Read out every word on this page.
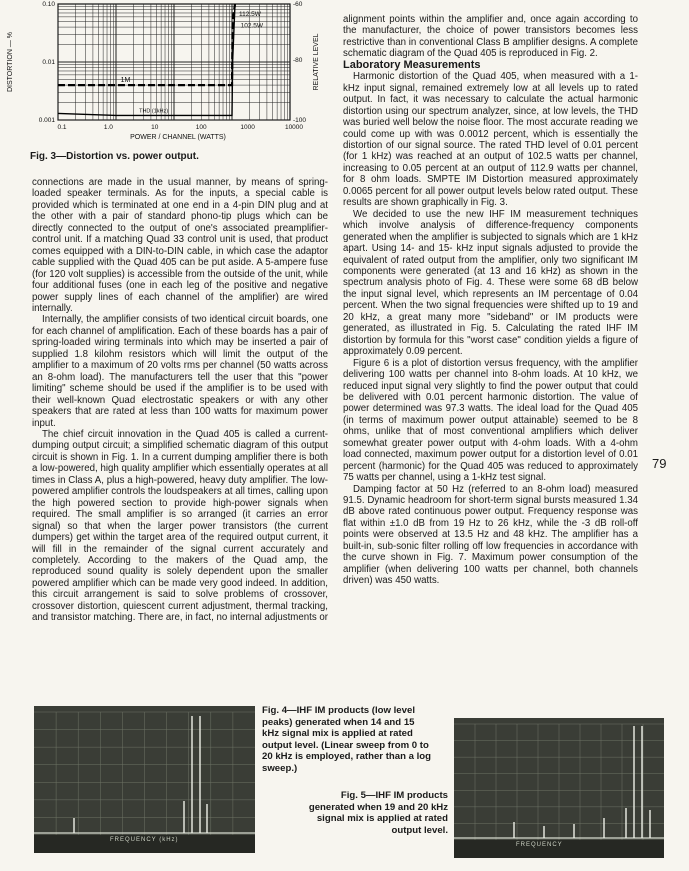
0.1	1.0	10	100	1000	10000
0.10
0.01
0.001
-60
-80
-100
POWER / CHANNEL (WATTS)
DISTORTION — %	RELATIVE LEVEL
112.5W
102.5W
1M
THD (1kHz)
Fig. 3—Distortion vs. power output.

connections are made in the usual manner, by means of spring-loaded speaker terminals. As for the inputs, a special cable is provided which is terminated at one end in a 4-pin DIN plug and at the other with a pair of standard phono-tip plugs which can be directly connected to the output of one's associated preamplifier-control unit. If a matching Quad 33 control unit is used, that product comes equipped with a DIN-to-DIN cable, in which case the adaptor cable supplied with the Quad 405 can be put aside. A 5-ampere fuse (for 120 volt supplies) is accessible from the outside of the unit, while four additional fuses (one in each leg of the positive and negative power supply lines of each channel of the amplifier) are wired internally.

Internally, the amplifier consists of two identical circuit boards, one for each channel of amplification. Each of these boards has a pair of spring-loaded wiring terminals into which may be inserted a pair of supplied 1.8 kilohm resistors which will limit the output of the amplifier to a maximum of 20 volts rms per channel (50 watts across an 8-ohm load). The manufacturers tell the user that this "power limiting" scheme should be used if the amplifier is to be used with their well-known Quad electrostatic speakers or with any other speakers that are rated at less than 100 watts for maximum power input.

The chief circuit innovation in the Quad 405 is called a current-dumping output circuit; a simplified schematic diagram of this output circuit is shown in Fig. 1. In a current dumping amplifier there is both a low-powered, high quality amplifier which essentially operates at all times in Class A, plus a high-powered, heavy duty amplifier. The low-powered amplifier controls the loudspeakers at all times, calling upon the high powered section to provide high-power signals when required. The small amplifier is so arranged (it carries an error signal) so that when the larger power transistors (the current dumpers) get within the target area of the required output current, it will fill in the remainder of the signal current accurately and completely. According to the makers of the Quad amp, the reproduced sound quality is solely dependent upon the smaller powered amplifier which can be made very good indeed. In addition, this circuit arrangement is said to solve problems of crossover, crossover distortion, quiescent current adjustment, thermal tracking, and transistor matching. There are, in fact, no internal adjustments or

alignment points within the amplifier and, once again according to the manufacturer, the choice of power transistors becomes less restrictive than in conventional Class B amplifier designs. A complete schematic diagram of the Quad 405 is reproduced in Fig. 2.

Laboratory Measurements

Harmonic distortion of the Quad 405, when measured with a 1-kHz input signal, remained extremely low at all levels up to rated output. In fact, it was necessary to calculate the actual harmonic distortion using our spectrum analyzer, since, at low levels, the THD was buried well below the noise floor. The most accurate reading we could come up with was 0.0012 percent, which is essentially the distortion of our signal source. The rated THD level of 0.01 percent (for 1 kHz) was reached at an output of 102.5 watts per channel, increasing to 0.05 percent at an output of 112.9 watts per channel, for 8 ohm loads. SMPTE IM Distortion measured approximately 0.0065 percent for all power output levels below rated output. These results are shown graphically in Fig. 3.

We decided to use the new IHF IM measurement techniques which involve analysis of difference-frequency components generated when the amplifier is subjected to signals which are 1 kHz apart. Using 14- and 15- kHz input signals adjusted to provide the equivalent of rated output from the amplifier, only two significant IM components were generated (at 13 and 16 kHz) as shown in the spectrum analysis photo of Fig. 4. These were some 68 dB below the input signal level, which represents an IM percentage of 0.04 percent. When the two signal frequencies were shifted up to 19 and 20 kHz, a great many more "sideband" or IM products were generated, as illustrated in Fig. 5. Calculating the rated IHF IM distortion by formula for this "worst case" condition yields a figure of approximately 0.09 percent.

Figure 6 is a plot of distortion versus frequency, with the amplifier delivering 100 watts per channel into 8-ohm loads. At 10 kHz, we reduced input signal very slightly to find the power output that could be delivered with 0.01 percent harmonic distortion. The value of power determined was 97.3 watts. The ideal load for the Quad 405 (in terms of maximum power output attainable) seemed to be 8 ohms, unlike that of most conventional amplifiers which deliver somewhat greater power output with 4-ohm loads. With a 4-ohm load connected, maximum power output for a distortion level of 0.01 percent (harmonic) for the Quad 405 was reduced to approximately 75 watts per channel, using a 1-kHz test signal.

Damping factor at 50 Hz (referred to an 8-ohm load) measured 91.5. Dynamic headroom for short-term signal bursts measured 1.34 dB above rated continuous power output. Frequency response was flat within ±1.0 dB from 19 Hz to 26 kHz, while the -3 dB roll-off points were observed at 13.5 Hz and 48 kHz. The amplifier has a built-in, sub-sonic filter rolling off low frequencies in accordance with the curve shown in Fig. 7. Maximum power consumption of the amplifier (when delivering 100 watts per channel, both channels driven) was 450 watts.

79
FREQUENCY (kHz)
Fig. 4—IHF IM products (low level peaks) generated when 14 and 15 kHz signal mix is applied at rated output level. (Linear sweep from 0 to 20 kHz is employed, rather than a log sweep.)
FREQUENCY
Fig. 5—IHF IM products generated when 19 and 20 kHz signal mix is applied at rated output level.
